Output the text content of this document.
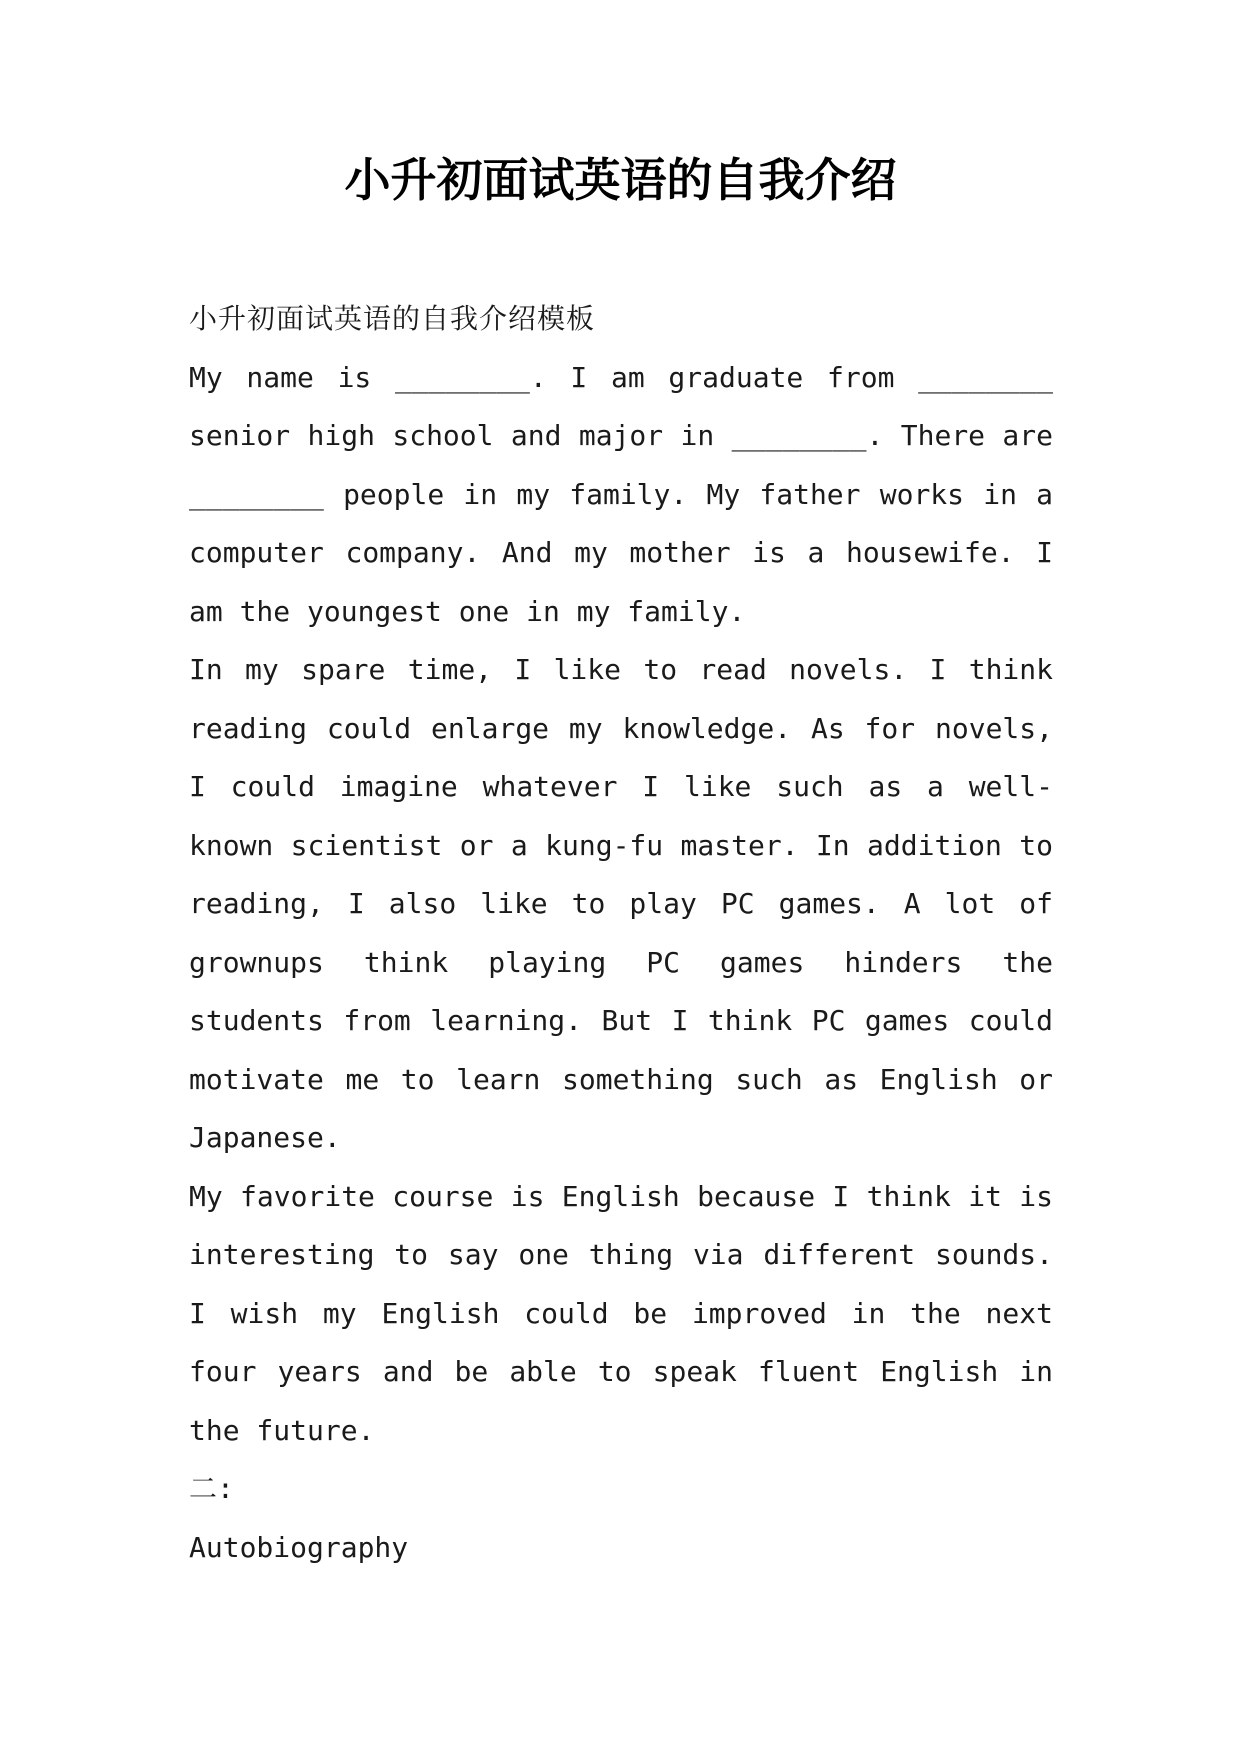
小升初面试英语的自我介绍

小升初面试英语的自我介绍模板

My name is ________. I am graduate from ________ senior high school and major in ________. There are ________ people in my family. My father works in a computer company. And my mother is a housewife. I am the youngest one in my family.

In my spare time, I like to read novels. I think reading could enlarge my knowledge. As for novels, I could imagine whatever I like such as a well-known scientist or a kung-fu master. In addition to reading, I also like to play PC games. A lot of grownups think playing PC games hinders the students from learning. But I think PC games could motivate me to learn something such as English or Japanese.

My favorite course is English because I think it is interesting to say one thing via different sounds. I wish my English could be improved in the next four years and be able to speak fluent English in the future.

二:

Autobiography
